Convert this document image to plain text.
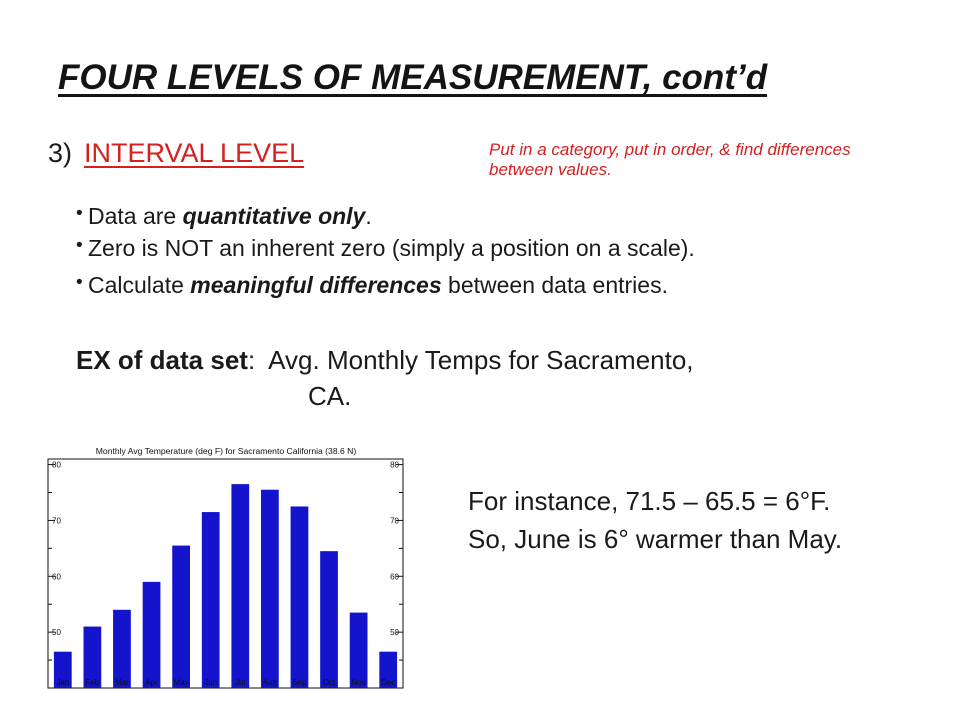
FOUR LEVELS OF MEASUREMENT, cont’d
3) INTERVAL LEVEL	Put in a category, put in order, & find differences between values.
• Data are quantitative only.
• Zero is NOT an inherent zero (simply a position on a scale).
• Calculate meaningful differences between data entries.
EX of data set:  Avg. Monthly Temps for Sacramento,
CA.
Monthly Avg Temperature (deg F) for Sacramento California (38.6 N)
Jan Feb Mar Apr May Jun Jul Aug Sep Oct Nov Dec
50	50
60	60
70	70
80	80
For instance, 71.5 – 65.5 = 6°F.
So, June is 6° warmer than May.
